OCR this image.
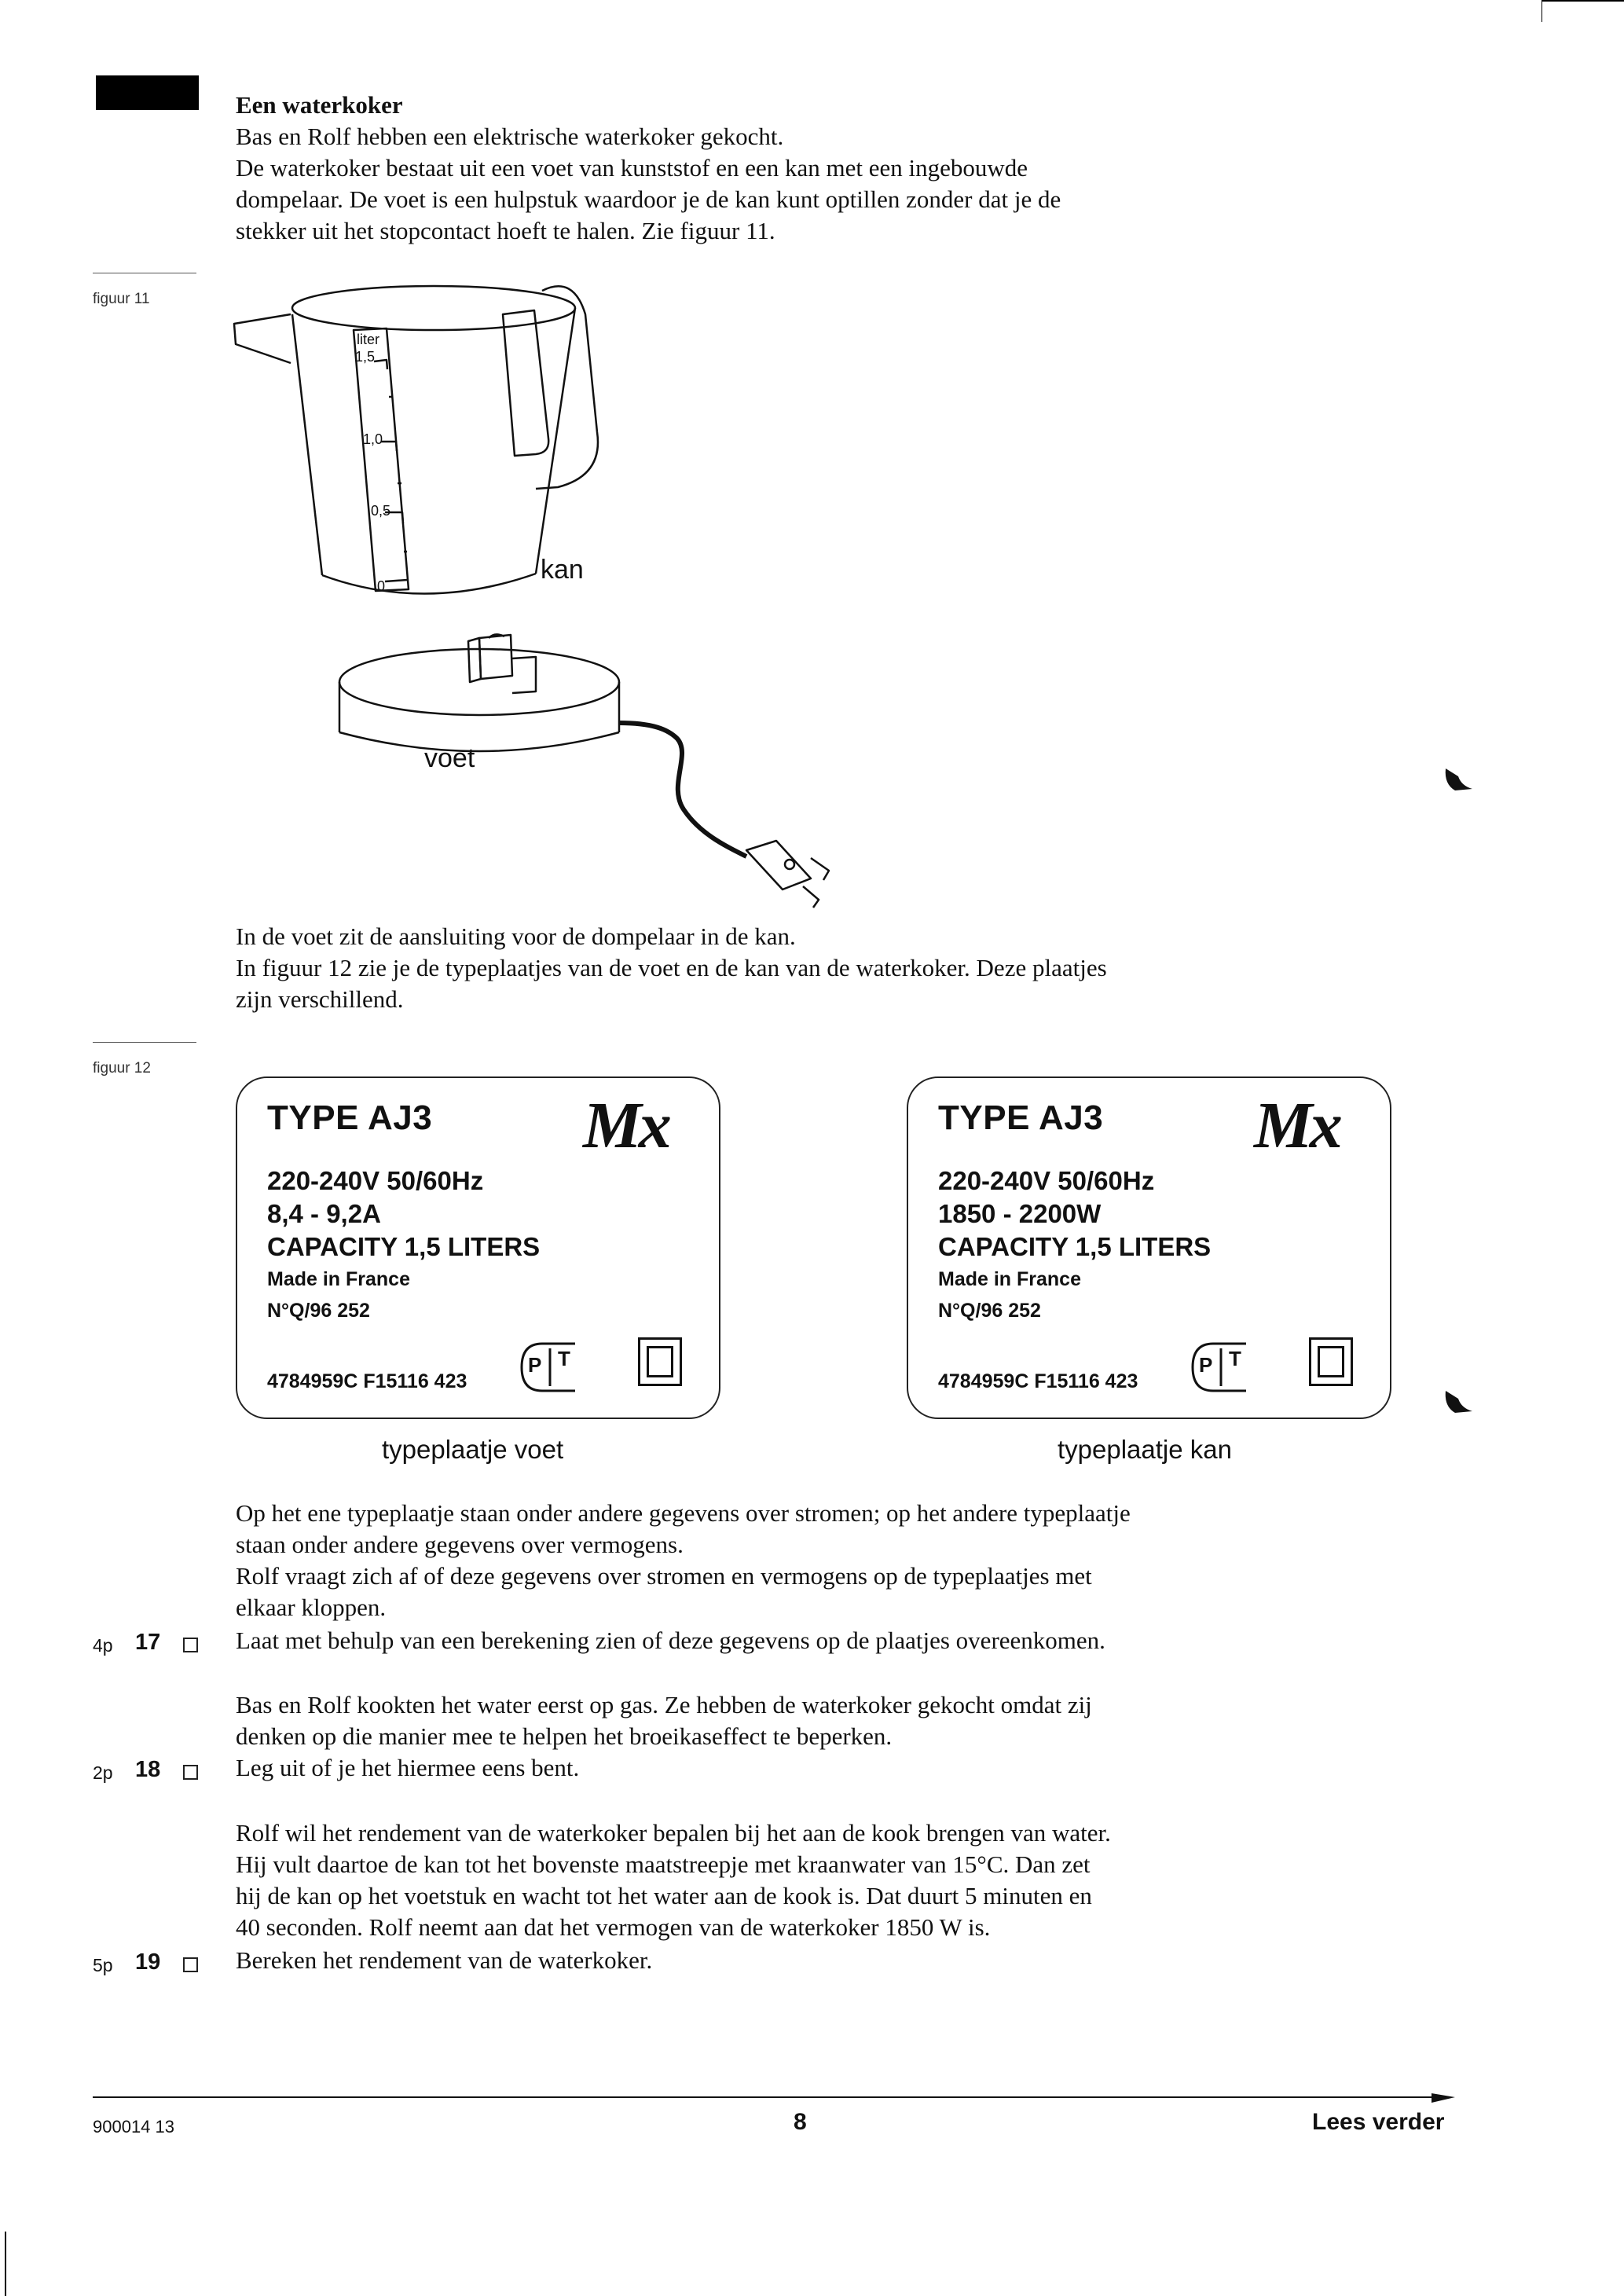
Een waterkoker
Bas en Rolf hebben een elektrische waterkoker gekocht.
De waterkoker bestaat uit een voet van kunststof en een kan met een ingebouwde
dompelaar. De voet is een hulpstuk waardoor je de kan kunt optillen zonder dat je de
stekker uit het stopcontact hoeft te halen. Zie figuur 11.
figuur 11
liter
1,5
1,0
0,5
0
kan
voet
In de voet zit de aansluiting voor de dompelaar in de kan.
In figuur 12 zie je de typeplaatjes van de voet en de kan van de waterkoker. Deze plaatjes
zijn verschillend.
figuur 12
TYPE AJ3 Mx
220-240V 50/60Hz
8,4 - 9,2A
CAPACITY 1,5 LITERS
Made in France
N°Q/96 252
4784959C F15116 423
P T
typeplaatje voet
TYPE AJ3 Mx
220-240V 50/60Hz
1850 - 2200W
CAPACITY 1,5 LITERS
Made in France
N°Q/96 252
4784959C F15116 423
P T
typeplaatje kan
Op het ene typeplaatje staan onder andere gegevens over stromen; op het andere typeplaatje
staan onder andere gegevens over vermogens.
Rolf vraagt zich af of deze gegevens over stromen en vermogens op de typeplaatjes met
elkaar kloppen.
4p 17	Laat met behulp van een berekening zien of deze gegevens op de plaatjes overeenkomen.
Bas en Rolf kookten het water eerst op gas. Ze hebben de waterkoker gekocht omdat zij
denken op die manier mee te helpen het broeikaseffect te beperken.
2p 18	Leg uit of je het hiermee eens bent.
Rolf wil het rendement van de waterkoker bepalen bij het aan de kook brengen van water.
Hij vult daartoe de kan tot het bovenste maatstreepje met kraanwater van 15°C. Dan zet
hij de kan op het voetstuk en wacht tot het water aan de kook is. Dat duurt 5 minuten en
40 seconden. Rolf neemt aan dat het vermogen van de waterkoker 1850 W is.
5p 19	Bereken het rendement van de waterkoker.
900014 13	8	Lees verder
